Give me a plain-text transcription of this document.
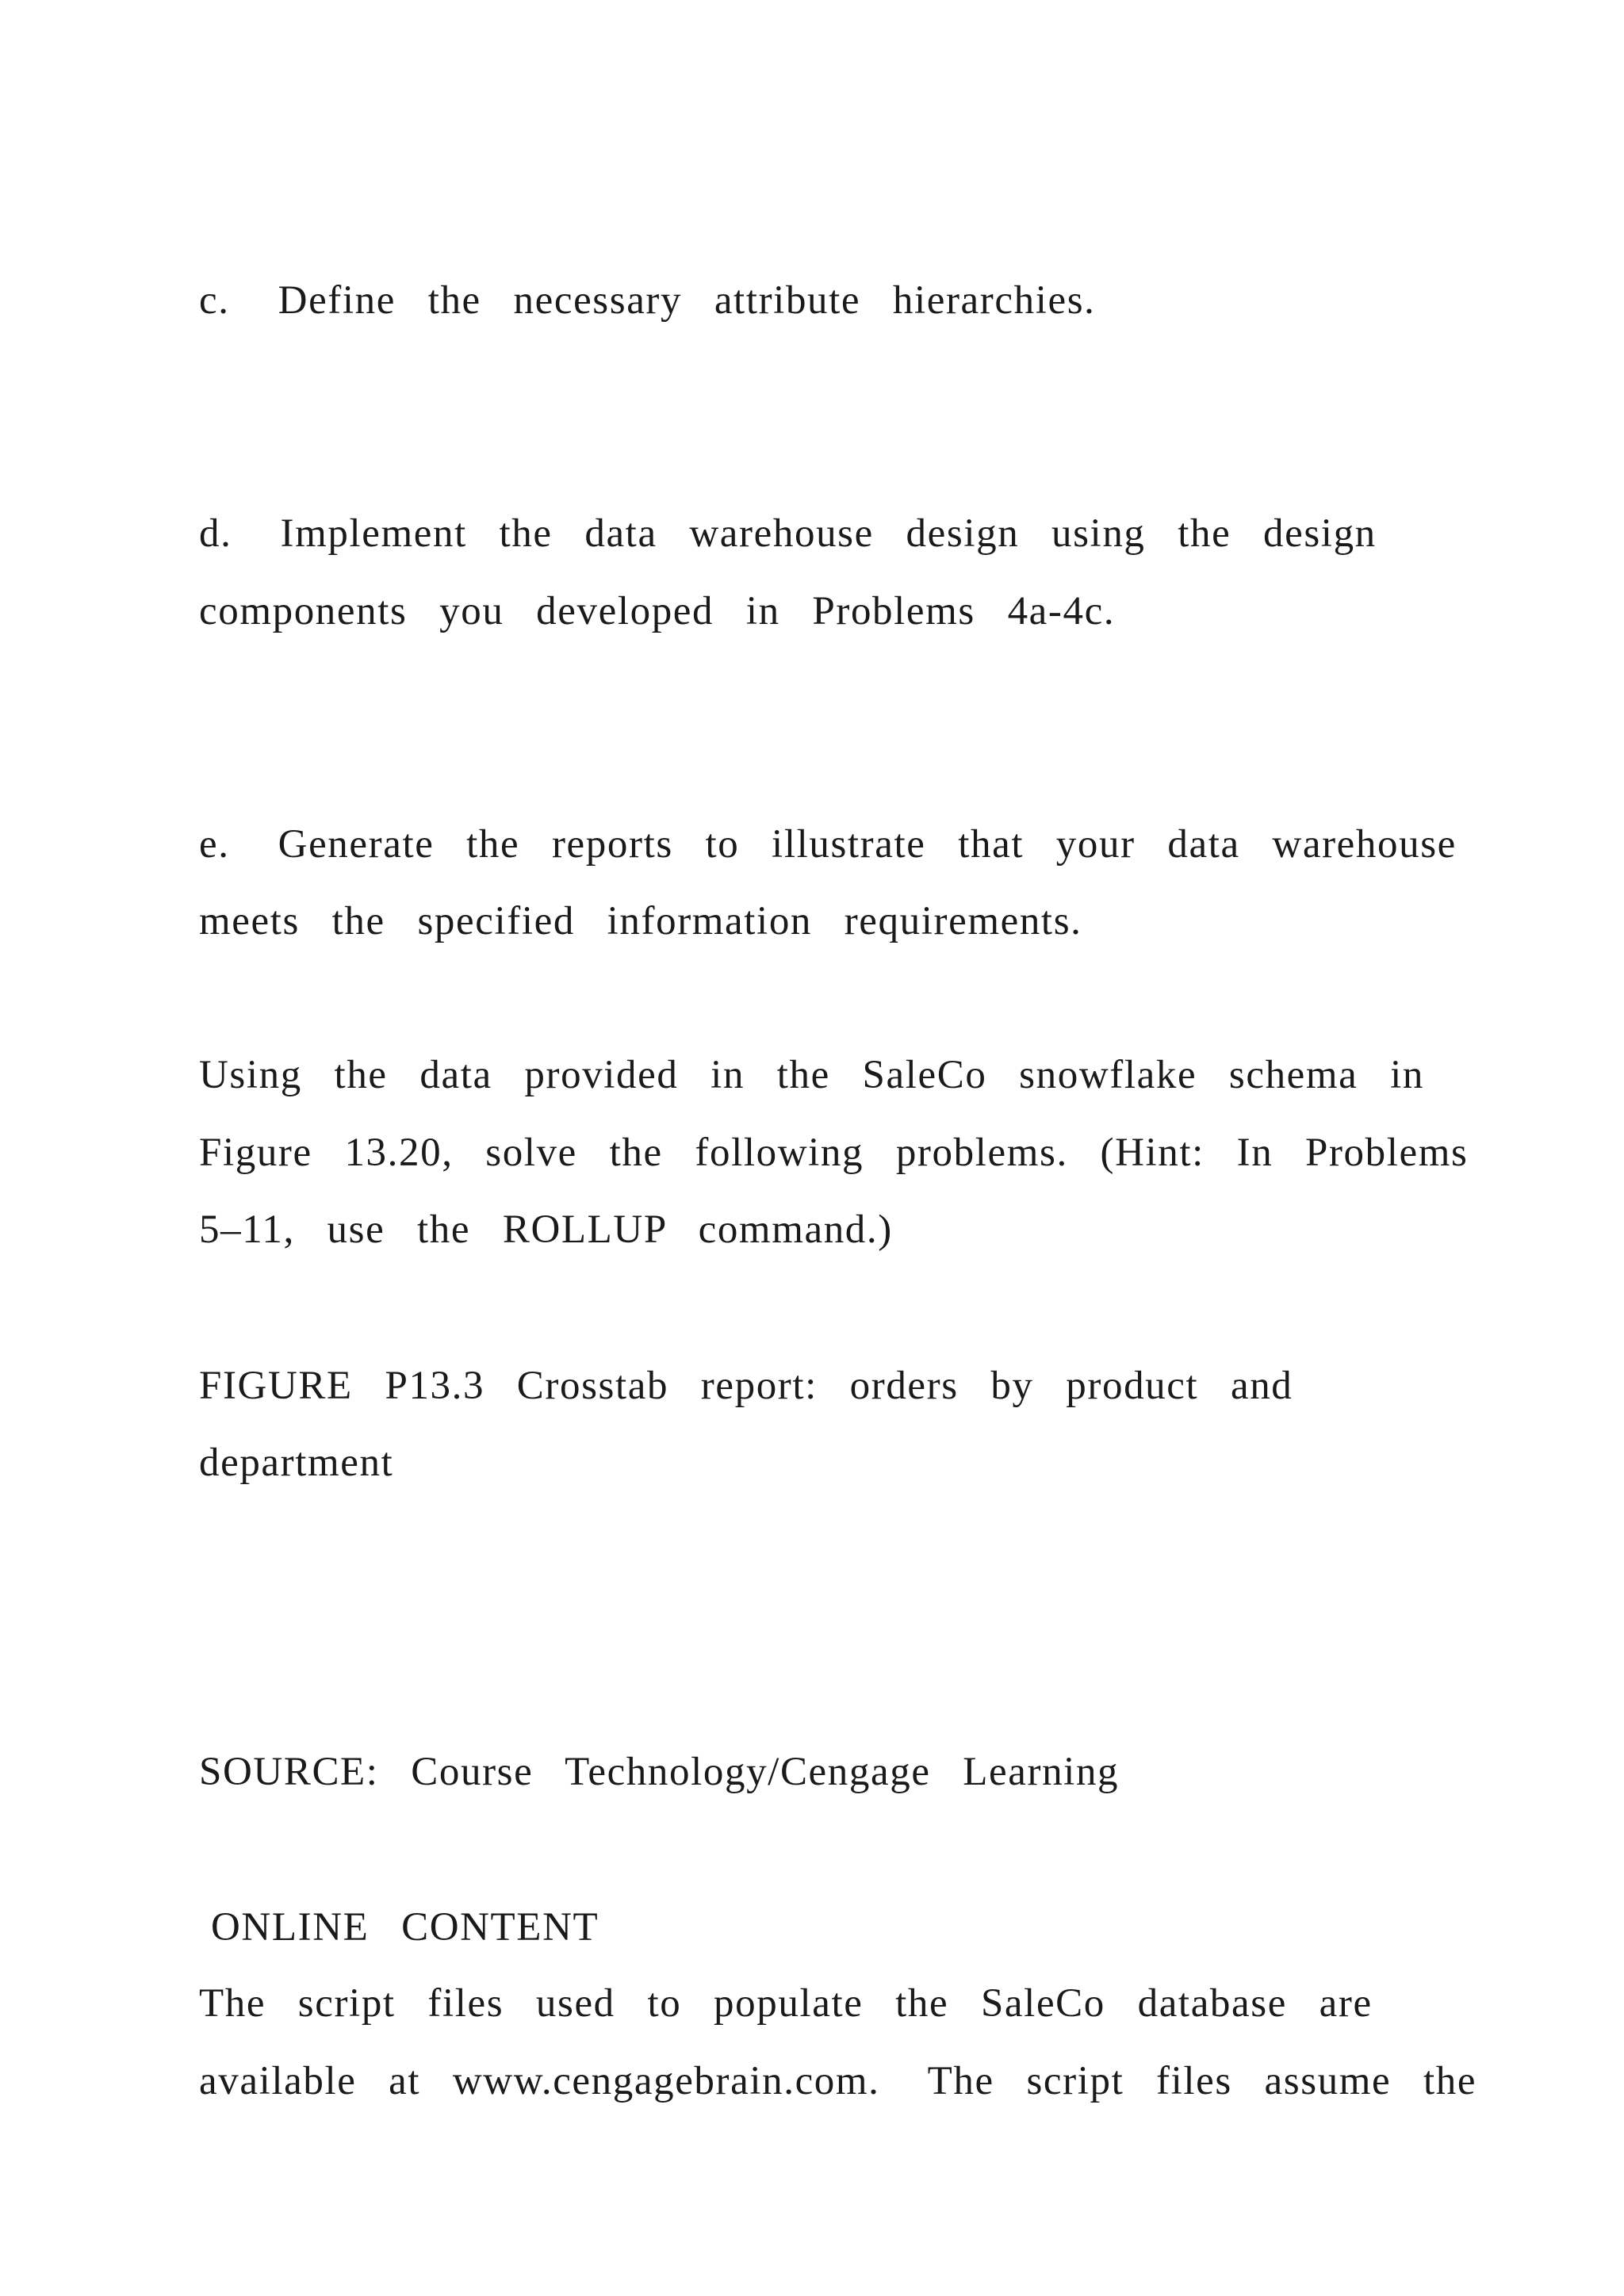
c.   Define  the  necessary  attribute  hierarchies.
d.   Implement  the  data  warehouse  design  using  the  design
components  you  developed  in  Problems  4a-4c.
e.   Generate  the  reports  to  illustrate  that  your  data  warehouse
meets  the  specified  information  requirements.
Using  the  data  provided  in  the  SaleCo  snowflake  schema  in
Figure  13.20,  solve  the  following  problems.  (Hint:  In  Problems
5–11,  use  the  ROLLUP  command.)
FIGURE  P13.3  Crosstab  report:  orders  by  product  and
department
SOURCE:  Course  Technology/Cengage  Learning
ONLINE  CONTENT
The  script  files  used  to  populate  the  SaleCo  database  are
available  at  www.cengagebrain.com.   The  script  files  assume  the
